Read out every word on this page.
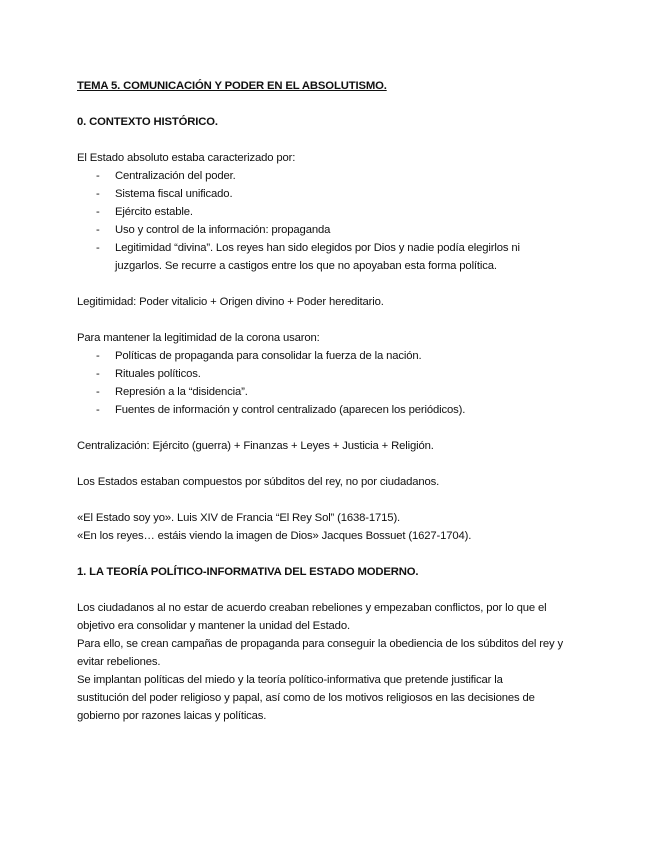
TEMA 5. COMUNICACIÓN Y PODER EN EL ABSOLUTISMO.
0. CONTEXTO HISTÓRICO.
El Estado absoluto estaba caracterizado por:
- Centralización del poder.
- Sistema fiscal unificado.
- Ejército estable.
- Uso y control de la información: propaganda
- Legitimidad “divina”. Los reyes han sido elegidos por Dios y nadie podía elegirlos ni
juzgarlos. Se recurre a castigos entre los que no apoyaban esta forma política.
Legitimidad: Poder vitalicio + Origen divino + Poder hereditario.
Para mantener la legitimidad de la corona usaron:
- Políticas de propaganda para consolidar la fuerza de la nación.
- Rituales políticos.
- Represión a la “disidencia”.
- Fuentes de información y control centralizado (aparecen los periódicos).
Centralización: Ejército (guerra) + Finanzas + Leyes + Justicia + Religión.
Los Estados estaban compuestos por súbditos del rey, no por ciudadanos.
«El Estado soy yo». Luis XIV de Francia “El Rey Sol” (1638-1715).
«En los reyes… estáis viendo la imagen de Dios» Jacques Bossuet (1627-1704).
1. LA TEORÍA POLÍTICO-INFORMATIVA DEL ESTADO MODERNO.
Los ciudadanos al no estar de acuerdo creaban rebeliones y empezaban conflictos, por lo que el
objetivo era consolidar y mantener la unidad del Estado.
Para ello, se crean campañas de propaganda para conseguir la obediencia de los súbditos del rey y
evitar rebeliones.
Se implantan políticas del miedo y la teoría político-informativa que pretende justificar la
sustitución del poder religioso y papal, así como de los motivos religiosos en las decisiones de
gobierno por razones laicas y políticas.
